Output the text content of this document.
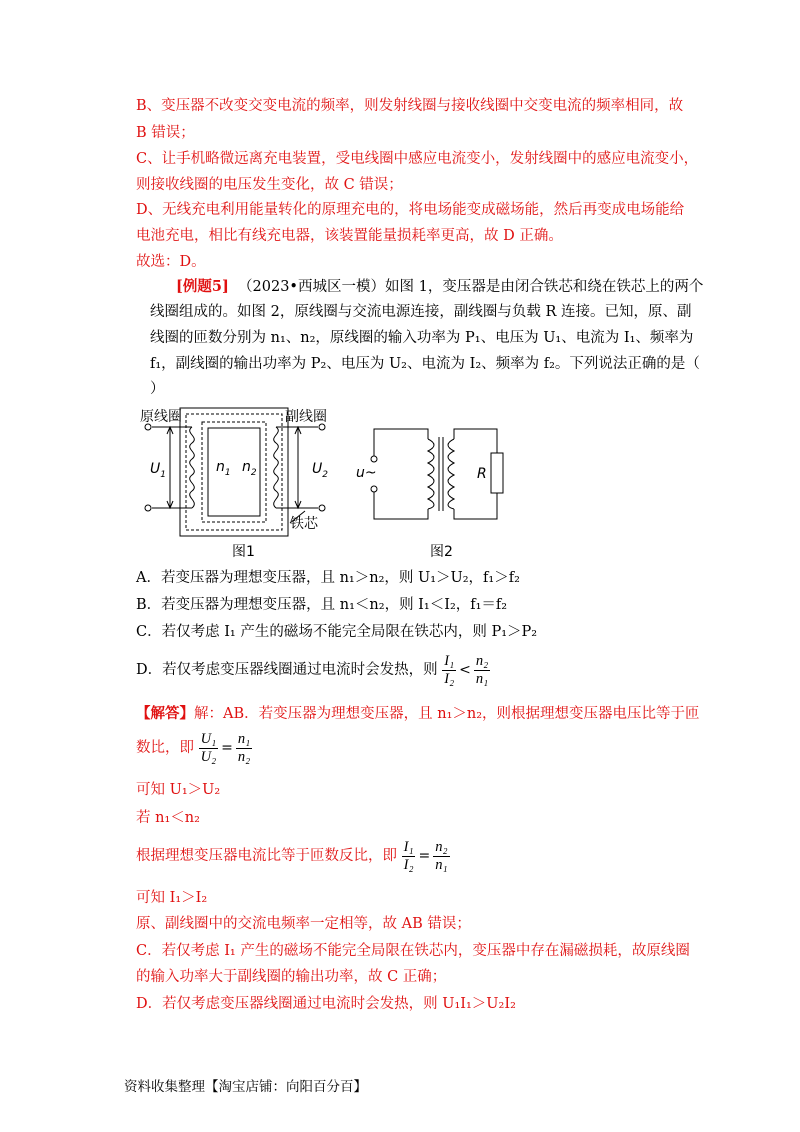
B、变压器不改变交变电流的频率，则发射线圈与接收线圈中交变电流的频率相同，故
B 错误；
C、让手机略微远离充电装置，受电线圈中感应电流变小，发射线圈中的感应电流变小，
则接收线圈的电压发生变化，故 C 错误；
D、无线充电利用能量转化的原理充电的，将电场能变成磁场能，然后再变成电场能给
电池充电，相比有线充电器，该装置能量损耗率更高，故 D 正确。
故选：D。
[例题5] （2023•西城区一模）如图 1，变压器是由闭合铁芯和绕在铁芯上的两个
线圈组成的。如图 2，原线圈与交流电源连接，副线圈与负载 R 连接。已知，原、副
线圈的匝数分别为 n₁、n₂，原线圈的输入功率为 P₁、电压为 U₁、电流为 I₁、频率为
f₁，副线圈的输出功率为 P₂、电压为 U₂、电流为 I₂、频率为 f₂。下列说法正确的是（
）
原线圈	副线圈
铁芯
$U_1$	$U_2$
$n_1$ $n_2$
图1
u~	R
图2
A．若变压器为理想变压器，且 n₁＞n₂，则 U₁＞U₂，f₁＞f₂
B．若变压器为理想变压器，且 n₁＜n₂，则 I₁＜I₂，f₁＝f₂
C．若仅考虑 I₁ 产生的磁场不能完全局限在铁芯内，则 P₁＞P₂
D．若仅考虑变压器线圈通过电流时会发热，则 $\frac{\text{I₁}}{\text{I₂}} < \frac{\text{n₂}}{\text{n₁}}$
【解答】解：AB．若变压器为理想变压器，且 n₁＞n₂，则根据理想变压器电压比等于匝
数比，即 $\frac{\text{U₁}}{\text{U₂}} = \frac{\text{n₁}}{\text{n₂}}$
可知 U₁＞U₂
若 n₁＜n₂
根据理想变压器电流比等于匝数反比，即 $\frac{\text{I₁}}{\text{I₂}} = \frac{\text{n₂}}{\text{n₁}}$
可知 I₁＞I₂
原、副线圈中的交流电频率一定相等，故 AB 错误；
C．若仅考虑 I₁ 产生的磁场不能完全局限在铁芯内，变压器中存在漏磁损耗，故原线圈
的输入功率大于副线圈的输出功率，故 C 正确；
D．若仅考虑变压器线圈通过电流时会发热，则 U₁I₁＞U₂I₂
资料收集整理【淘宝店铺：向阳百分百】
